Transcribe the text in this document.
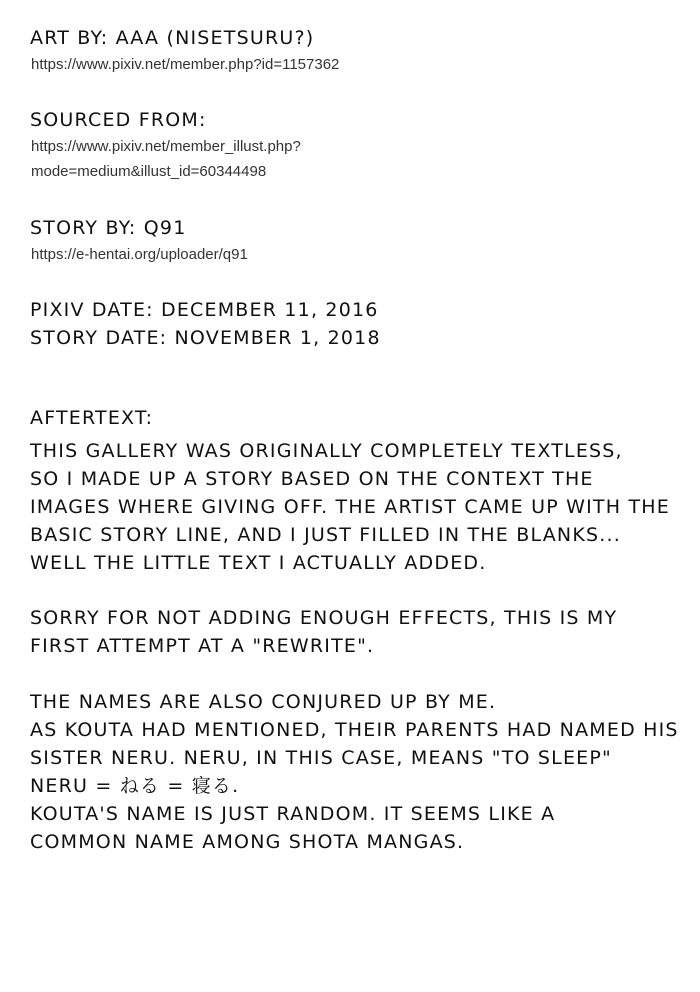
ART BY: AAA (NISETSURU?)

https://www.pixiv.net/member.php?id=1157362

SOURCED FROM:

https://www.pixiv.net/member_illust.php?

mode=medium&illust_id=60344498

STORY BY: Q91

https://e-hentai.org/uploader/q91

PIXIV DATE: DECEMBER 11, 2016

STORY DATE: NOVEMBER 1, 2018

AFTERTEXT:

THIS GALLERY WAS ORIGINALLY COMPLETELY TEXTLESS,
SO I MADE UP A STORY BASED ON THE CONTEXT THE
IMAGES WHERE GIVING OFF. THE ARTIST CAME UP WITH THE
BASIC STORY LINE, AND I JUST FILLED IN THE BLANKS...
WELL THE LITTLE TEXT I ACTUALLY ADDED.

SORRY FOR NOT ADDING ENOUGH EFFECTS, THIS IS MY
FIRST ATTEMPT AT A "REWRITE".

THE NAMES ARE ALSO CONJURED UP BY ME.
AS KOUTA HAD MENTIONED, THEIR PARENTS HAD NAMED HIS
SISTER NERU. NERU, IN THIS CASE, MEANS "TO SLEEP"
NERU = ねる = 寝る.
KOUTA'S NAME IS JUST RANDOM. IT SEEMS LIKE A
COMMON NAME AMONG SHOTA MANGAS.
